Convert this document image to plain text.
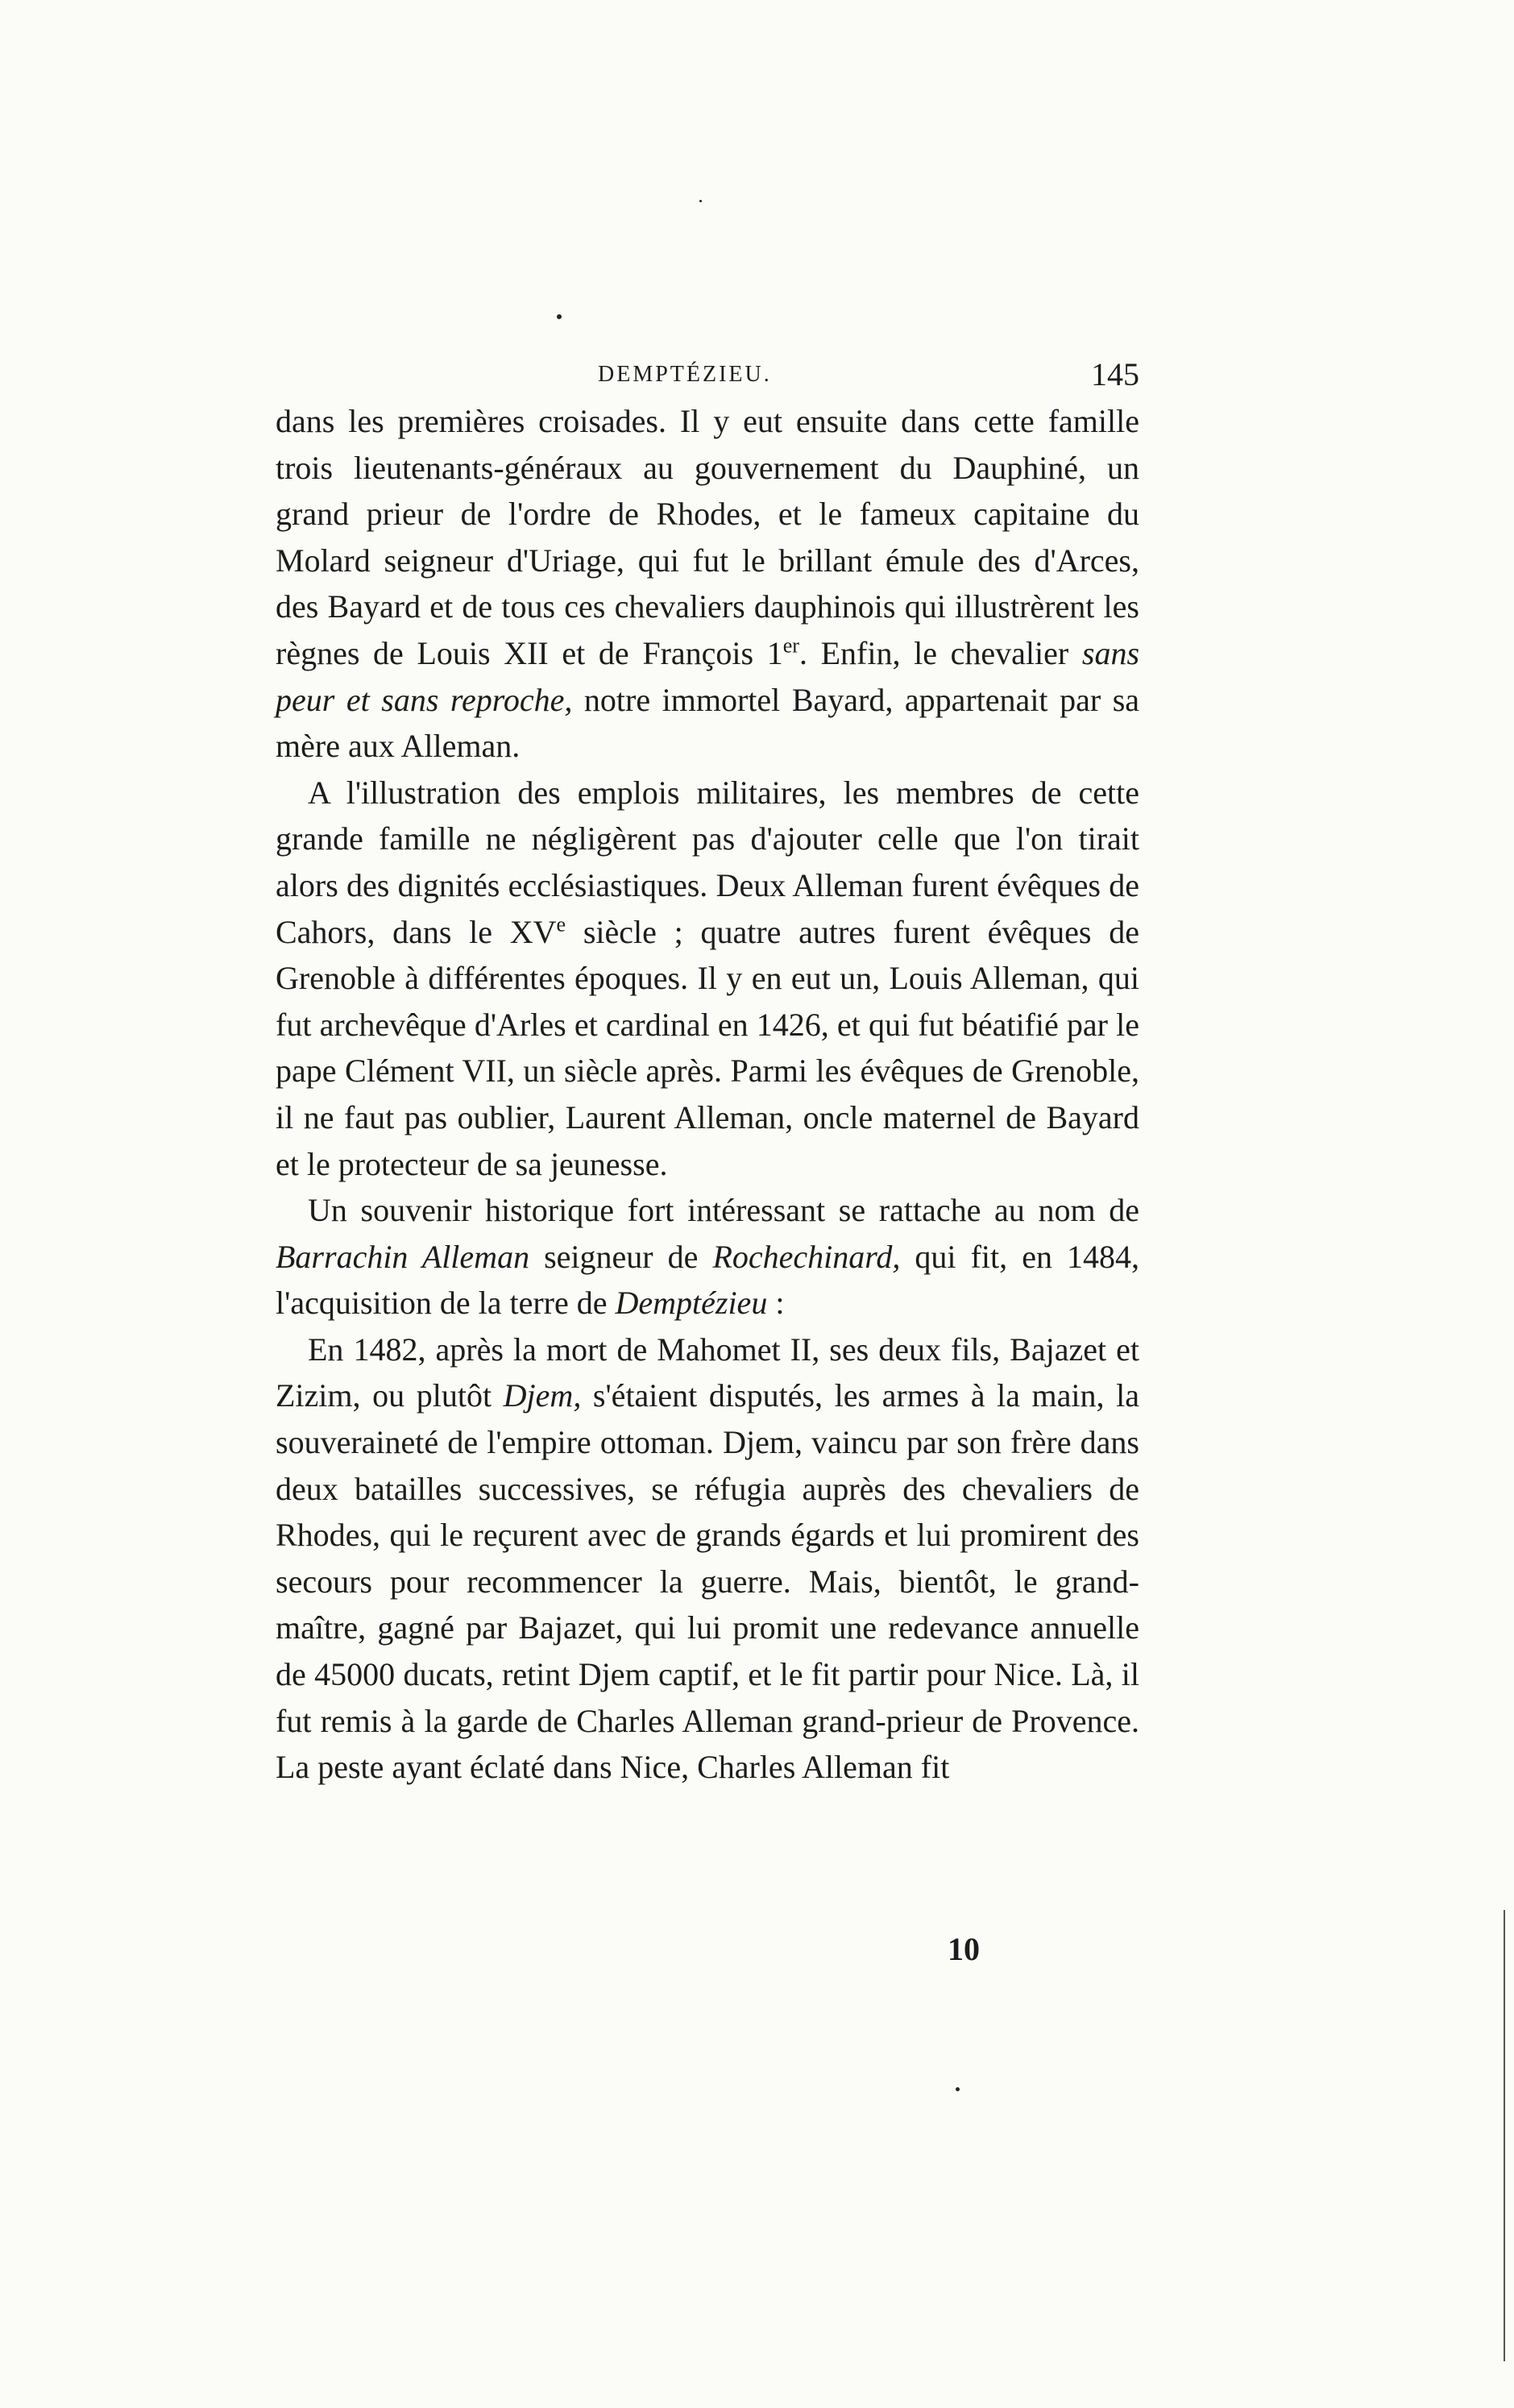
DEMPTÉZIEU.	145

dans les premières croisades. Il y eut ensuite dans cette famille trois lieutenants-généraux au gouvernement du Dauphiné, un grand prieur de l'ordre de Rhodes, et le fameux capitaine du Molard seigneur d'Uriage, qui fut le brillant émule des d'Arces, des Bayard et de tous ces chevaliers dauphinois qui illustrèrent les règnes de Louis XII et de François 1er. Enfin, le chevalier sans peur et sans reproche, notre immortel Bayard, appartenait par sa mère aux Alleman.

A l'illustration des emplois militaires, les membres de cette grande famille ne négligèrent pas d'ajouter celle que l'on tirait alors des dignités ecclésiastiques. Deux Alleman furent évêques de Cahors, dans le XVe siècle ; quatre autres furent évêques de Grenoble à différentes époques. Il y en eut un, Louis Alleman, qui fut archevêque d'Arles et cardinal en 1426, et qui fut béatifié par le pape Clément VII, un siècle après. Parmi les évêques de Grenoble, il ne faut pas oublier, Laurent Alleman, oncle maternel de Bayard et le protecteur de sa jeunesse.

Un souvenir historique fort intéressant se rattache au nom de Barrachin Alleman seigneur de Rochechinard, qui fit, en 1484, l'acquisition de la terre de Demptézieu :

En 1482, après la mort de Mahomet II, ses deux fils, Bajazet et Zizim, ou plutôt Djem, s'étaient disputés, les armes à la main, la souveraineté de l'empire ottoman. Djem, vaincu par son frère dans deux batailles successives, se réfugia auprès des chevaliers de Rhodes, qui le reçurent avec de grands égards et lui promirent des secours pour recommencer la guerre. Mais, bientôt, le grand-maître, gagné par Bajazet, qui lui promit une redevance annuelle de 45000 ducats, retint Djem captif, et le fit partir pour Nice. Là, il fut remis à la garde de Charles Alleman grand-prieur de Provence. La peste ayant éclaté dans Nice, Charles Alleman fit

10
